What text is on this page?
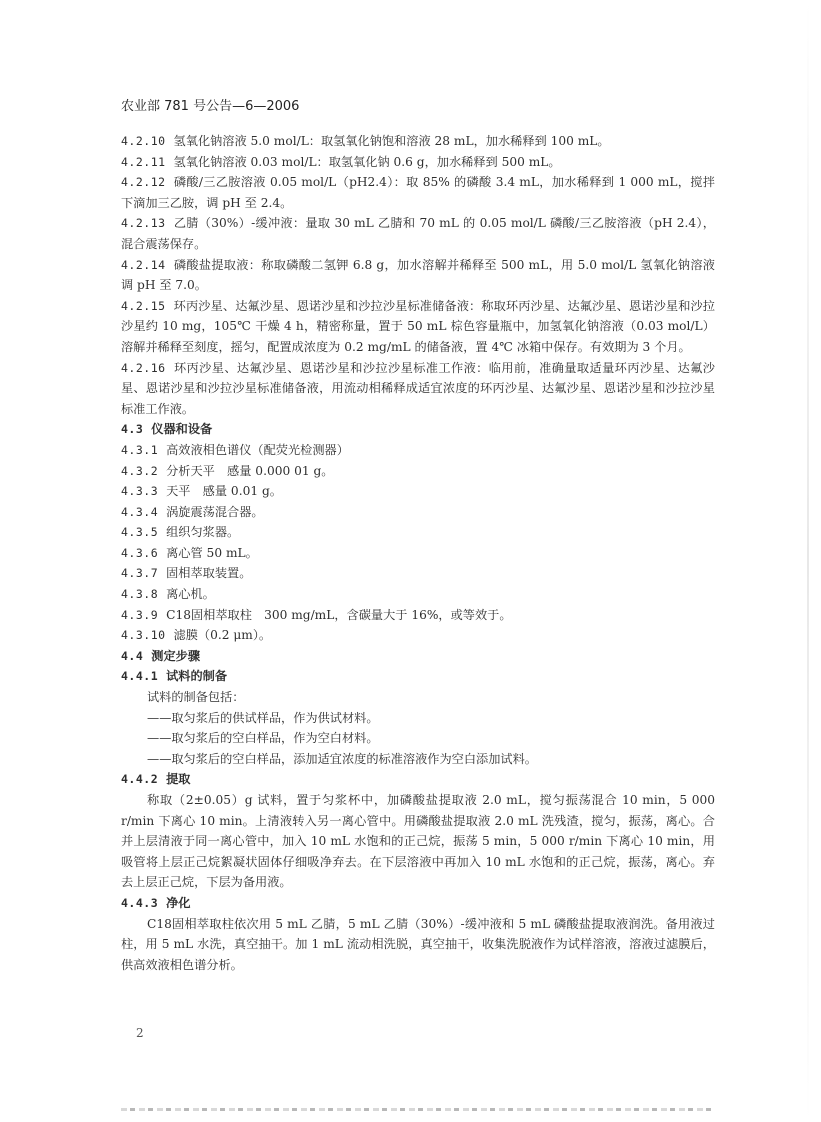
农业部 781 号公告—6—2006

4.2.10 氢氧化钠溶液 5.0 mol/L：取氢氧化钠饱和溶液 28 mL，加水稀释到 100 mL。

4.2.11 氢氧化钠溶液 0.03 mol/L：取氢氧化钠 0.6 g，加水稀释到 500 mL。

4.2.12 磷酸/三乙胺溶液 0.05 mol/L（pH2.4）：取 85% 的磷酸 3.4 mL，加水稀释到 1 000 mL，搅拌下滴加三乙胺，调 pH 至 2.4。

4.2.13 乙腈（30%）-缓冲液：量取 30 mL 乙腈和 70 mL 的 0.05 mol/L 磷酸/三乙胺溶液（pH 2.4），混合震荡保存。

4.2.14 磷酸盐提取液：称取磷酸二氢钾 6.8 g，加水溶解并稀释至 500 mL，用 5.0 mol/L 氢氧化钠溶液调 pH 至 7.0。

4.2.15 环丙沙星、达氟沙星、恩诺沙星和沙拉沙星标准储备液：称取环丙沙星、达氟沙星、恩诺沙星和沙拉沙星约 10 mg，105℃ 干燥 4 h，精密称量，置于 50 mL 棕色容量瓶中，加氢氧化钠溶液（0.03 mol/L）溶解并稀释至刻度，摇匀，配置成浓度为 0.2 mg/mL 的储备液，置 4℃ 冰箱中保存。有效期为 3 个月。

4.2.16 环丙沙星、达氟沙星、恩诺沙星和沙拉沙星标准工作液：临用前，准确量取适量环丙沙星、达氟沙星、恩诺沙星和沙拉沙星标准储备液，用流动相稀释成适宜浓度的环丙沙星、达氟沙星、恩诺沙星和沙拉沙星标准工作液。

4.3 仪器和设备

4.3.1 高效液相色谱仪（配荧光检测器）

4.3.2 分析天平　感量 0.000 01 g。

4.3.3 天平　感量 0.01 g。

4.3.4 涡旋震荡混合器。

4.3.5 组织匀浆器。

4.3.6 离心管 50 mL。

4.3.7 固相萃取装置。

4.3.8 离心机。

4.3.9 C18固相萃取柱　300 mg/mL，含碳量大于 16%，或等效于。

4.3.10 滤膜（0.2 μm）。

4.4 测定步骤

4.4.1 试料的制备

试料的制备包括：

——取匀浆后的供试样品，作为供试材料。

——取匀浆后的空白样品，作为空白材料。

——取匀浆后的空白样品，添加适宜浓度的标准溶液作为空白添加试料。

4.4.2 提取

称取（2±0.05）g 试料，置于匀浆杯中，加磷酸盐提取液 2.0 mL，搅匀振荡混合 10 min，5 000 r/min 下离心 10 min。上清液转入另一离心管中。用磷酸盐提取液 2.0 mL 洗残渣，搅匀，振荡，离心。合并上层清液于同一离心管中，加入 10 mL 水饱和的正己烷，振荡 5 min，5 000 r/min 下离心 10 min，用吸管将上层正己烷絮凝状固体仔细吸净弃去。在下层溶液中再加入 10 mL 水饱和的正己烷，振荡，离心。弃去上层正己烷，下层为备用液。

4.4.3 净化

C18固相萃取柱依次用 5 mL 乙腈，5 mL 乙腈（30%）-缓冲液和 5 mL 磷酸盐提取液润洗。备用液过柱，用 5 mL 水洗，真空抽干。加 1 mL 流动相洗脱，真空抽干，收集洗脱液作为试样溶液，溶液过滤膜后，供高效液相色谱分析。

2
